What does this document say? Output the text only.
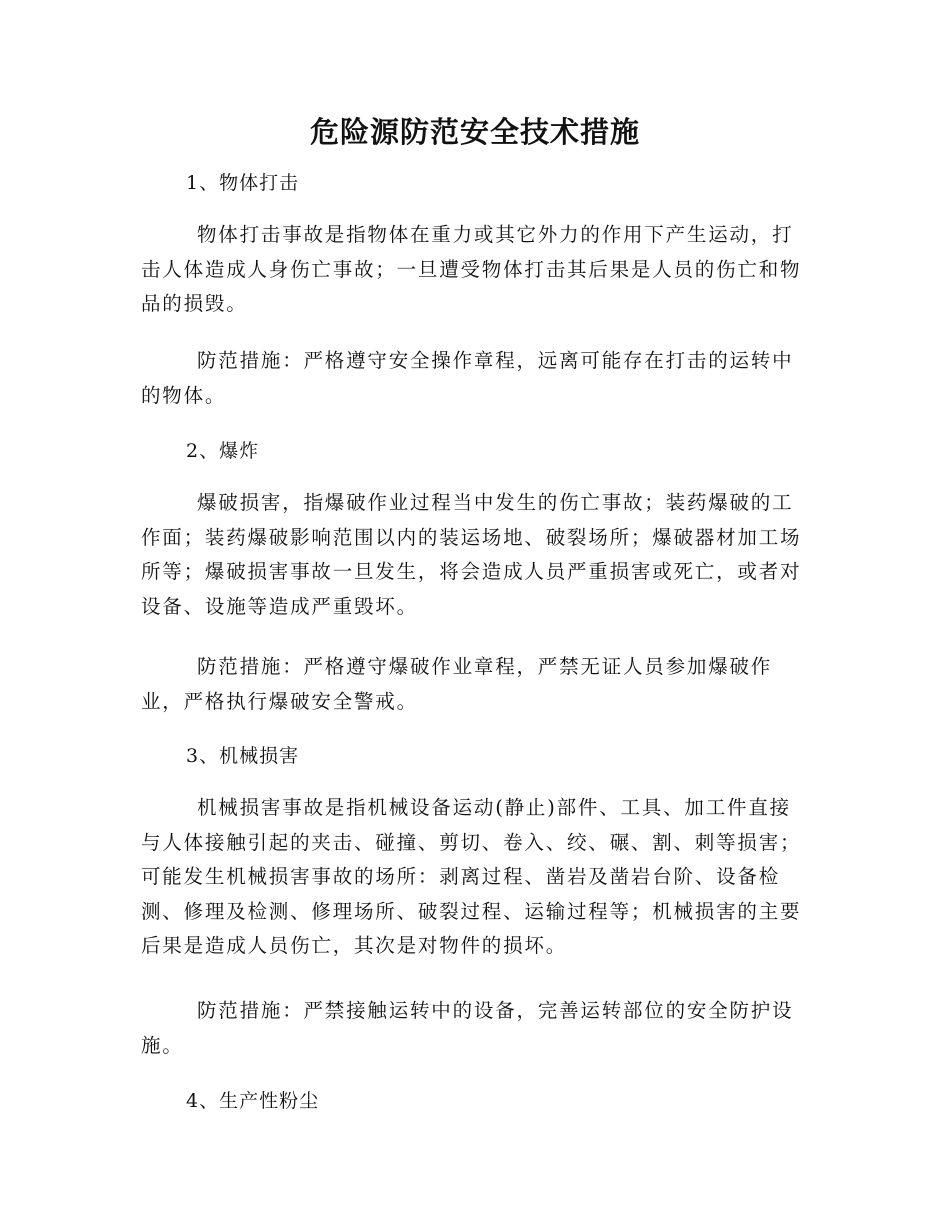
危险源防范安全技术措施
1、物体打击

物体打击事故是指物体在重力或其它外力的作用下产生运动，打击人体造成人身伤亡事故；一旦遭受物体打击其后果是人员的伤亡和物品的损毁。

防范措施：严格遵守安全操作章程，远离可能存在打击的运转中的物体。

2、爆炸

爆破损害，指爆破作业过程当中发生的伤亡事故；装药爆破的工作面；装药爆破影响范围以内的装运场地、破裂场所；爆破器材加工场所等；爆破损害事故一旦发生，将会造成人员严重损害或死亡，或者对设备、设施等造成严重毁坏。

防范措施：严格遵守爆破作业章程，严禁无证人员参加爆破作业，严格执行爆破安全警戒。

3、机械损害

机械损害事故是指机械设备运动(静止)部件、工具、加工件直接与人体接触引起的夹击、碰撞、剪切、卷入、绞、碾、割、刺等损害；可能发生机械损害事故的场所：剥离过程、凿岩及凿岩台阶、设备检测、修理及检测、修理场所、破裂过程、运输过程等；机械损害的主要后果是造成人员伤亡，其次是对物件的损坏。

防范措施：严禁接触运转中的设备，完善运转部位的安全防护设施。

4、生产性粉尘
